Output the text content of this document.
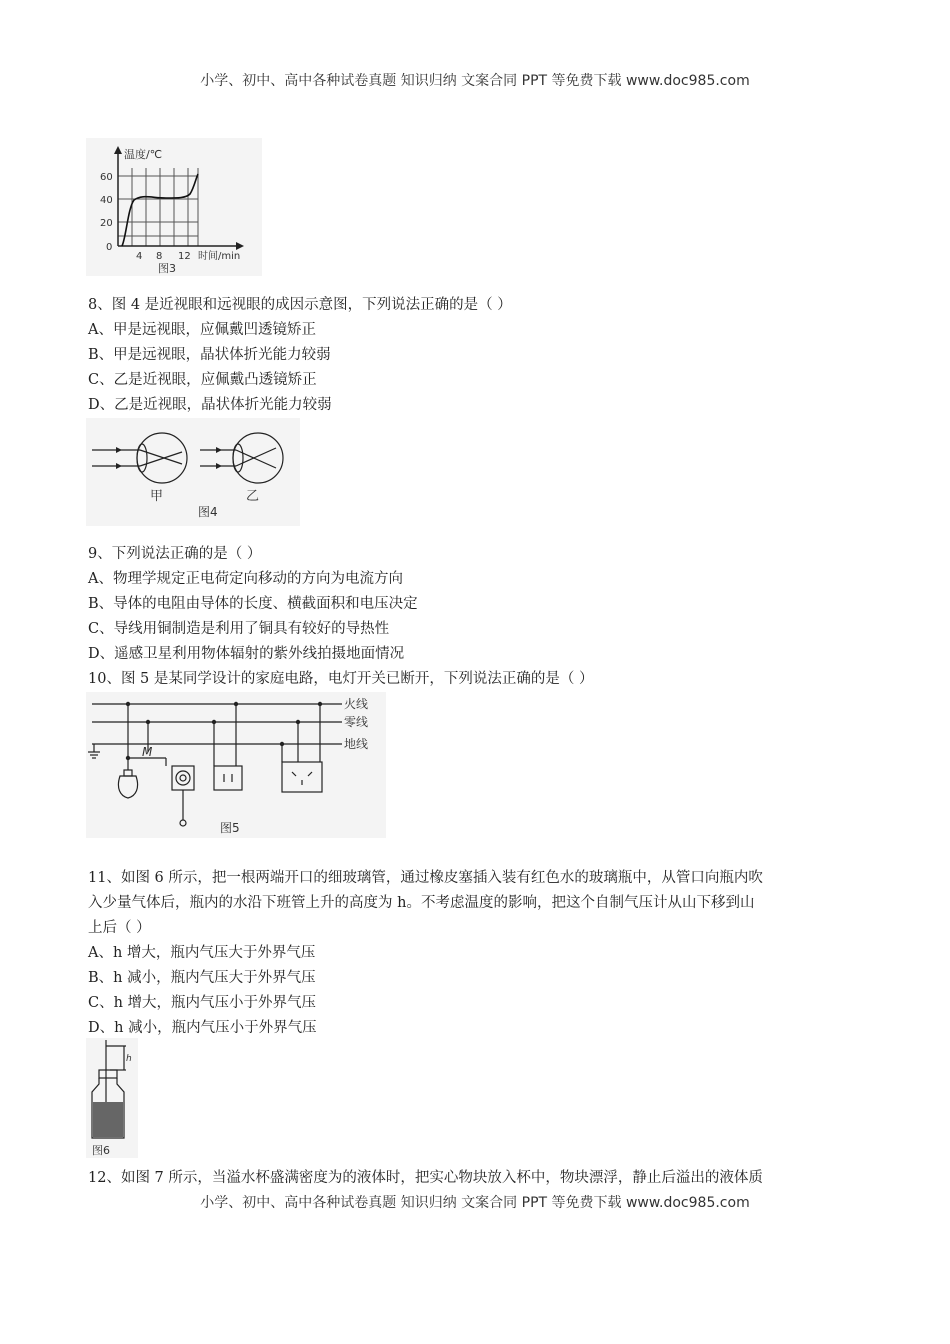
小学、初中、高中各种试卷真题 知识归纳 文案合同 PPT 等免费下载 www.doc985.com
温度/℃
60
40
20
0
4 8 12 时间/min
图3
8、图 4 是近视眼和远视眼的成因示意图，下列说法正确的是（ ）
A、甲是远视眼，应佩戴凹透镜矫正
B、甲是远视眼，晶状体折光能力较弱
C、乙是近视眼，应佩戴凸透镜矫正
D、乙是近视眼，晶状体折光能力较弱
甲	乙
图4
9、下列说法正确的是（ ）
A、物理学规定正电荷定向移动的方向为电流方向
B、导体的电阻由导体的长度、横截面积和电压决定
C、导线用铜制造是利用了铜具有较好的导热性
D、遥感卫星利用物体辐射的紫外线拍摄地面情况
10、图 5 是某同学设计的家庭电路，电灯开关已断开，下列说法正确的是（ ）
火线
零线
地线
M
图5
11、如图 6 所示，把一根两端开口的细玻璃管，通过橡皮塞插入装有红色水的玻璃瓶中，从管口向瓶内吹
入少量气体后，瓶内的水沿下班管上升的高度为 h。不考虑温度的影响，把这个自制气压计从山下移到山
上后（ ）
A、h 增大，瓶内气压大于外界气压
B、h 减小，瓶内气压大于外界气压
C、h 增大，瓶内气压小于外界气压
D、h 减小，瓶内气压小于外界气压
h
图6
12、如图 7 所示，当溢水杯盛满密度为的液体时，把实心物块放入杯中，物块漂浮，静止后溢出的液体质
小学、初中、高中各种试卷真题 知识归纳 文案合同 PPT 等免费下载 www.doc985.com
